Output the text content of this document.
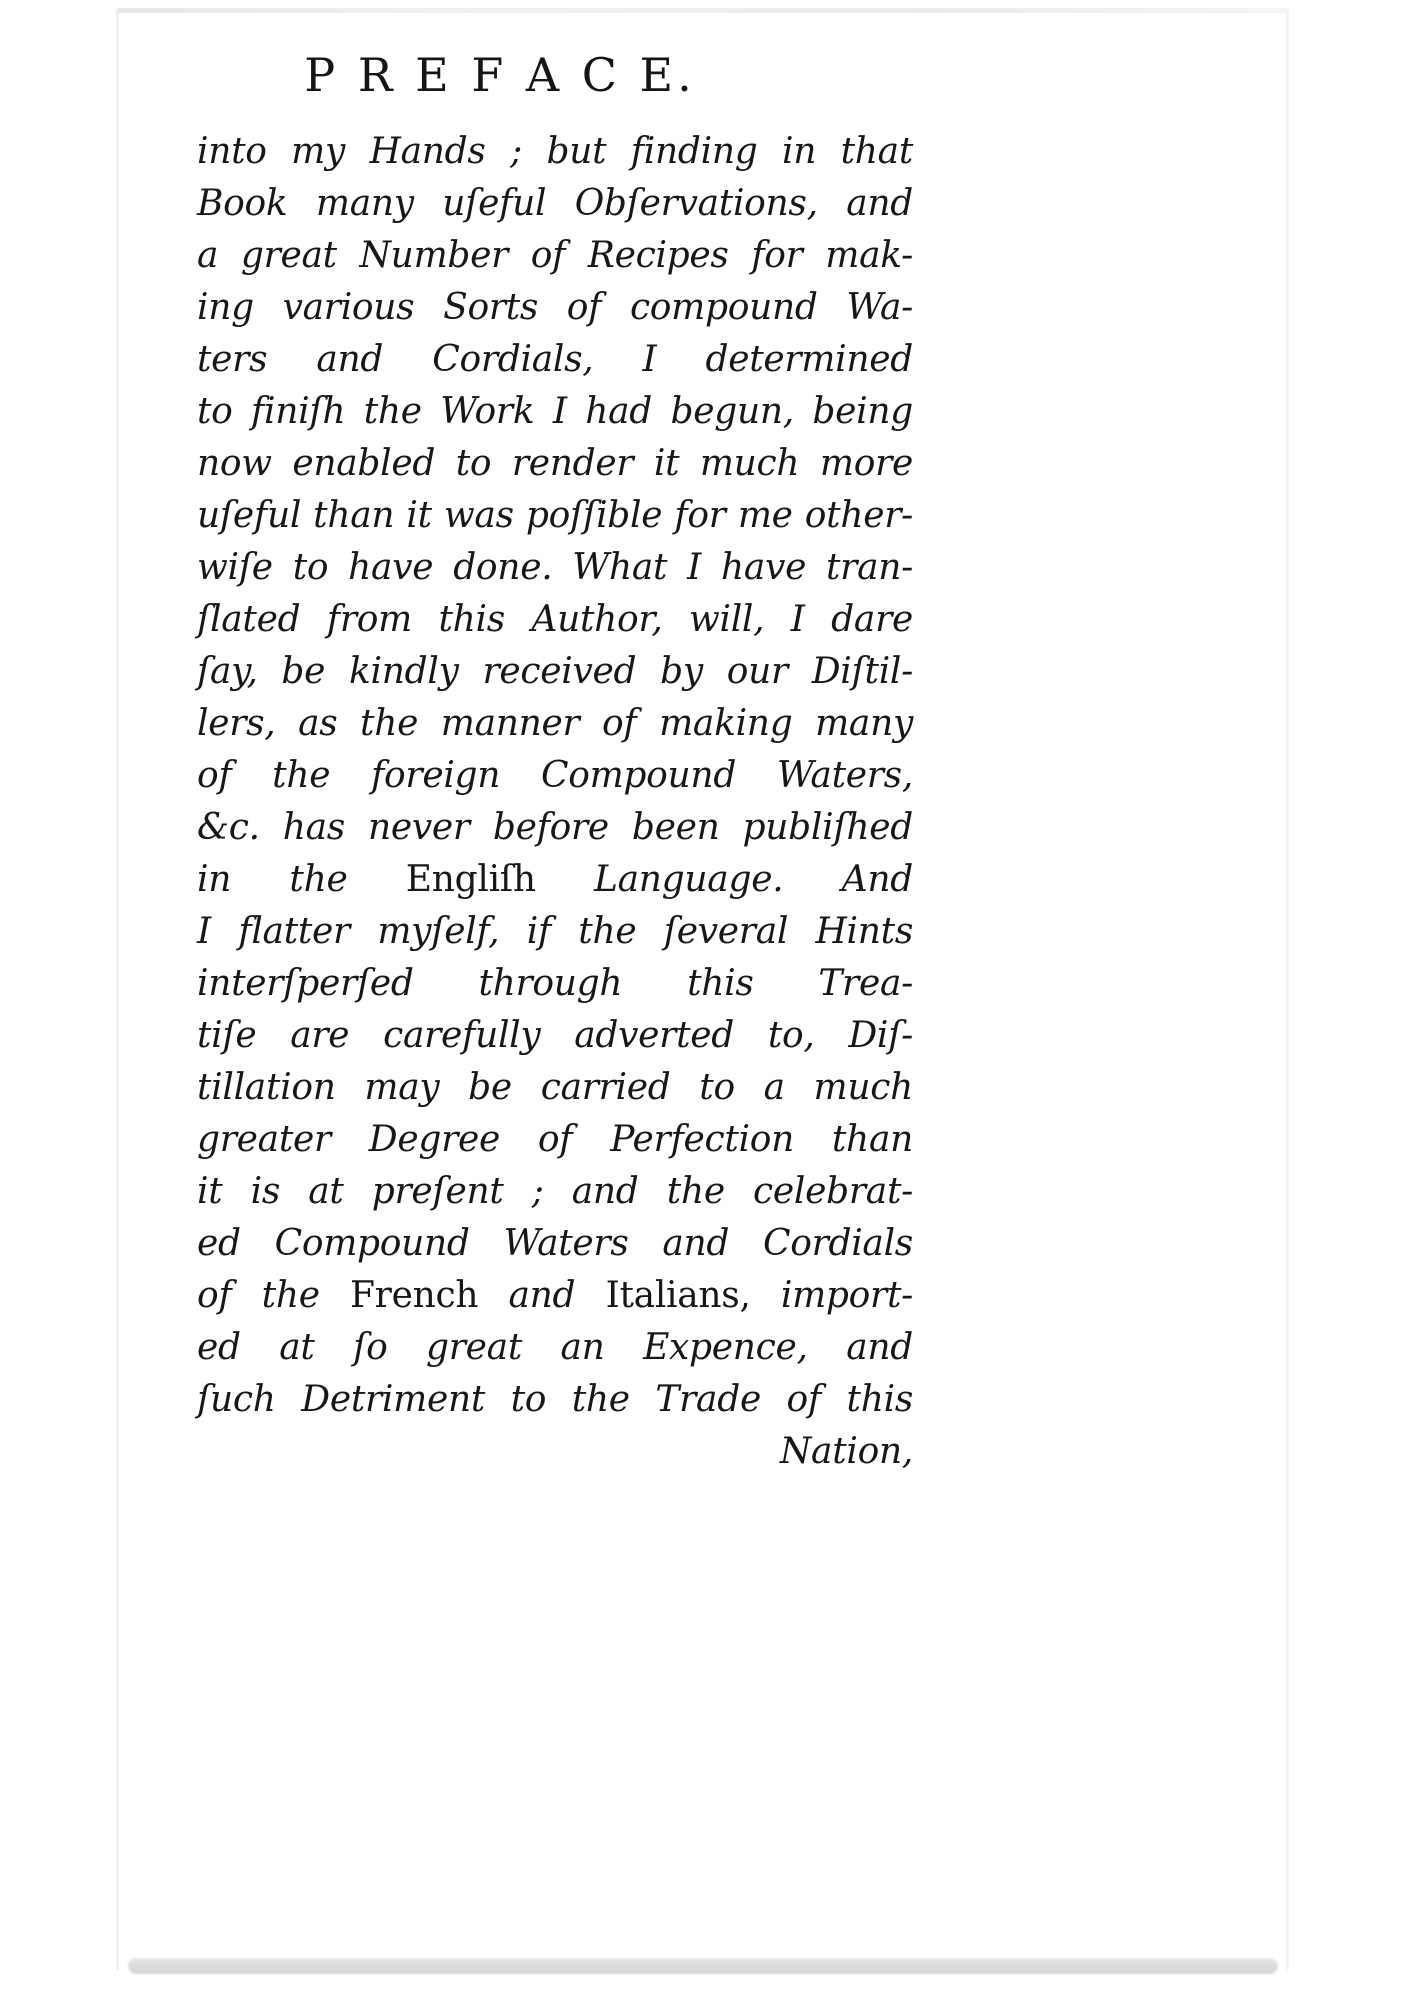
P R E F A C E.
into my Hands ; but finding in that
Book many uſeful Obſervations, and
a great Number of Recipes for mak-
ing various Sorts of compound Wa-
ters and Cordials, I determined
to finiſh the Work I had begun, being
now enabled to render it much more
uſeful than it was poſſible for me other-
wiſe to have done. What I have tran-
ſlated from this Author, will, I dare
ſay, be kindly received by our Diſtil-
lers, as the manner of making many
of the foreign Compound Waters,
&c. has never before been publiſhed
in the Engliſh Language. And
I flatter myſelf, if the ſeveral Hints
interſperſed through this Trea-
tiſe are carefully adverted to, Diſ-
tillation may be carried to a much
greater Degree of Perfection than
it is at preſent ; and the celebrat-
ed Compound Waters and Cordials
of the French and Italians, import-
ed at ſo great an Expence, and
ſuch Detriment to the Trade of this
Nation,
